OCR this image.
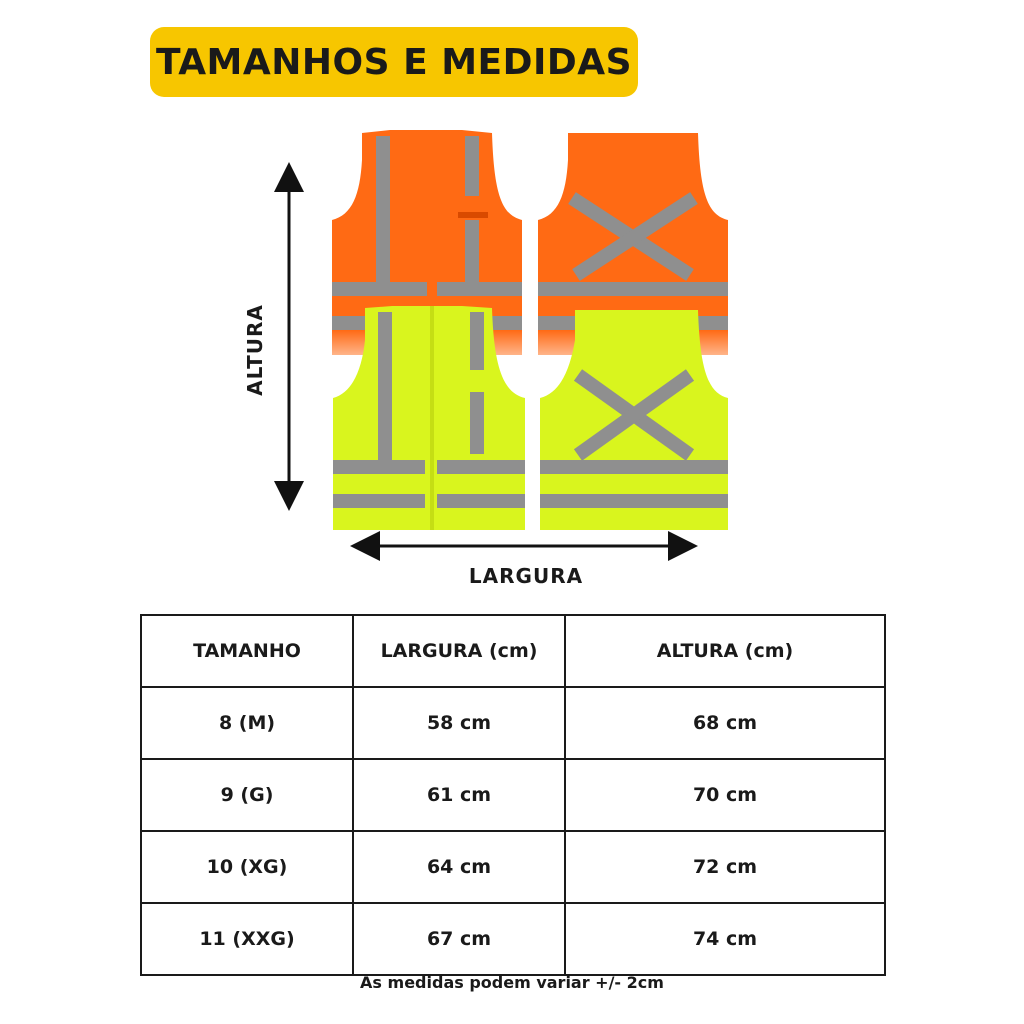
TAMANHOS E MEDIDAS
ALTURA
LARGURA
TAMANHO	LARGURA (cm)	ALTURA (cm)
8 (M)	58 cm	68 cm
9 (G)	61 cm	70 cm
10 (XG)	64 cm	72 cm
11 (XXG)	67 cm	74 cm
As medidas podem variar +/- 2cm
